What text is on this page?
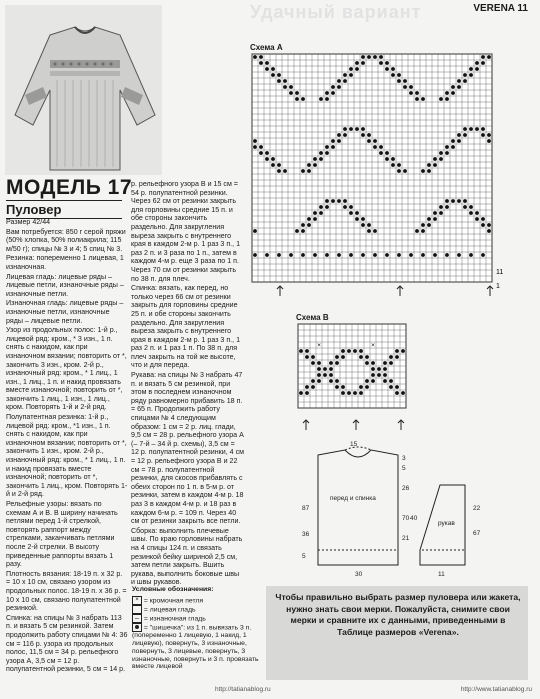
Удачный вариант	VERENA 11
МОДЕЛЬ 17
Пуловер

Размер 42/44

Вам потребуется: 850 г серой пряжи (50% хлопка, 50% полиакрила; 115 м/50 г); спицы № 3 и 4; 5 спиц № 3.

Резинка: попеременно 1 лицевая, 1 изнаночная.

Лицевая гладь: лицевые ряды – лицевые петли, изнаночные ряды – изнаночные петли.

Изнаночная гладь: лицевые ряды – изнаночные петли, изнаночные ряды – лицевые петли.

Узор из продольных полос: 1-й р., лицевой ряд: кром., * 3 изн., 1 п. снять с накидом, как при изнаночном вязании; повторить от *, закончить 3 изн., кром. 2-й р., изнаночный ряд: кром., * 1 лиц., 1 изн., 1 лиц., 1 п. и накид провязать вместе изнаночной; повторить от *, закончить 1 лиц., 1 изн., 1 лиц., кром. Повторять 1-й и 2-й ряд.

Полупатентная резинка: 1-й р., лицевой ряд: кром., *1 изн., 1 п. снять с накидом, как при изнаночном вязании; повторить от *, закончить 1 изн., кром. 2-й р., изнаночный ряд: кром., * 1 лиц., 1 п. и накид провязать вместе изнаночной; повторить от *, закончить 1 лиц., кром. Повторять 1-й и 2-й ряд.

Рельефные узоры: вязать по схемам А и В. В ширину начинать петлями перед 1-й стрелкой, повторять раппорт между стрелками, заканчивать петлями после 2-й стрелки. В высоту приведенные раппорты вязать 1 разу.

Плотность вязания: 18-19 п. x 32 р. = 10 x 10 см, связано узором из продольных полос. 18-19 п. x 36 р. = 10 x 10 см, связано полупатентной резинкой.

Спинка: на спицы № 3 набрать 113 п. и вязать 5 см резинкой. Затем продолжить работу спицами № 4: 36 см = 116 р. узора из продольных полос, 11,5 см = 34 р. рельефного узора А, 3,5 см = 12 р. полупатентной резинки, 5 см = 14 р.

р. рельефного узора В и 15 см = 54 р. полупатентной резинки. Через 62 см от резинки закрыть для горловины средние 15 п. и обе стороны закончить раздельно. Для закругления выреза закрыть с внутреннего края в каждом 2-м р. 1 раз 3 п., 1 раз 2 п. и 3 раза по 1 п., затем в каждом 4-м р. еще 3 раза по 1 п. Через 70 см от резинки закрыть по 38 п. для плеч.

Спинка: вязать, как перед, но только через 66 см от резинки закрыть для горловины средние 25 п. и обе стороны закончить раздельно. Для закругления выреза закрыть с внутреннего края в каждом 2-м р. 1 раз 3 п., 1 раз 2 п. и 1 раз 1 п. По 38 п. для плеч закрыть на той же высоте, что и для переда.

Рукава: на спицы № 3 набрать 47 п. и вязать 5 см резинкой, при этом в последнем изнаночном ряду равномерно прибавить 18 п. = 65 п. Продолжить работу спицами № 4 следующим образом: 1 см = 2 р. лиц. глади, 9,5 см = 28 р. рельефного узора А (– 7-й – 34 й р. схемы), 3,5 см = 12 р. полупатентной резинки, 4 см = 12 р. рельефного узора В и 22 см = 78 р. полупатентной резинки, для скосов прибавлять с обеих сторон по 1 п. в 5-м р. от резинки, затем в каждом 4-м р. 18 раз 3 в каждом 4-м р. и 18 раз в каждом 6-м р. = 109 п. Через 40 см от резинки закрыть все петли.

Сборка: выполнить плечевые швы. По краю горловины набрать на 4 спицы 124 п. и связать резинкой бейку шириной 2,5 см, затем петли закрыть. Вшить рукава, выполнить боковые швы и швы рукавов.

Схема А
11
1
Схема В
×	×
перед и спинка
рукав
15
3
5
26
87
70
21
30
40
22
67
5
11
36
Условные обозначения:
× = кромочная петля
= лицевая гладь
– = изнаночная гладь
= "шишечка": из 1 п. вывязать 3 п. (попеременно 1 лицевую, 1 накид, 1 лицевую), повернуть, 3 изнаночные, повернуть, 3 лицевые, повернуть, 3 изнаночные, повернуть и 3 п. провязать вместе лицевой
Чтобы правильно выбрать размер пуловера или жакета, нужно знать свои мерки. Пожалуйста, снимите свои мерки и сравните их с данными, приведенными в Таблице размеров «Verena».
http://tatianablog.ru	http://www.tatianablog.ru
